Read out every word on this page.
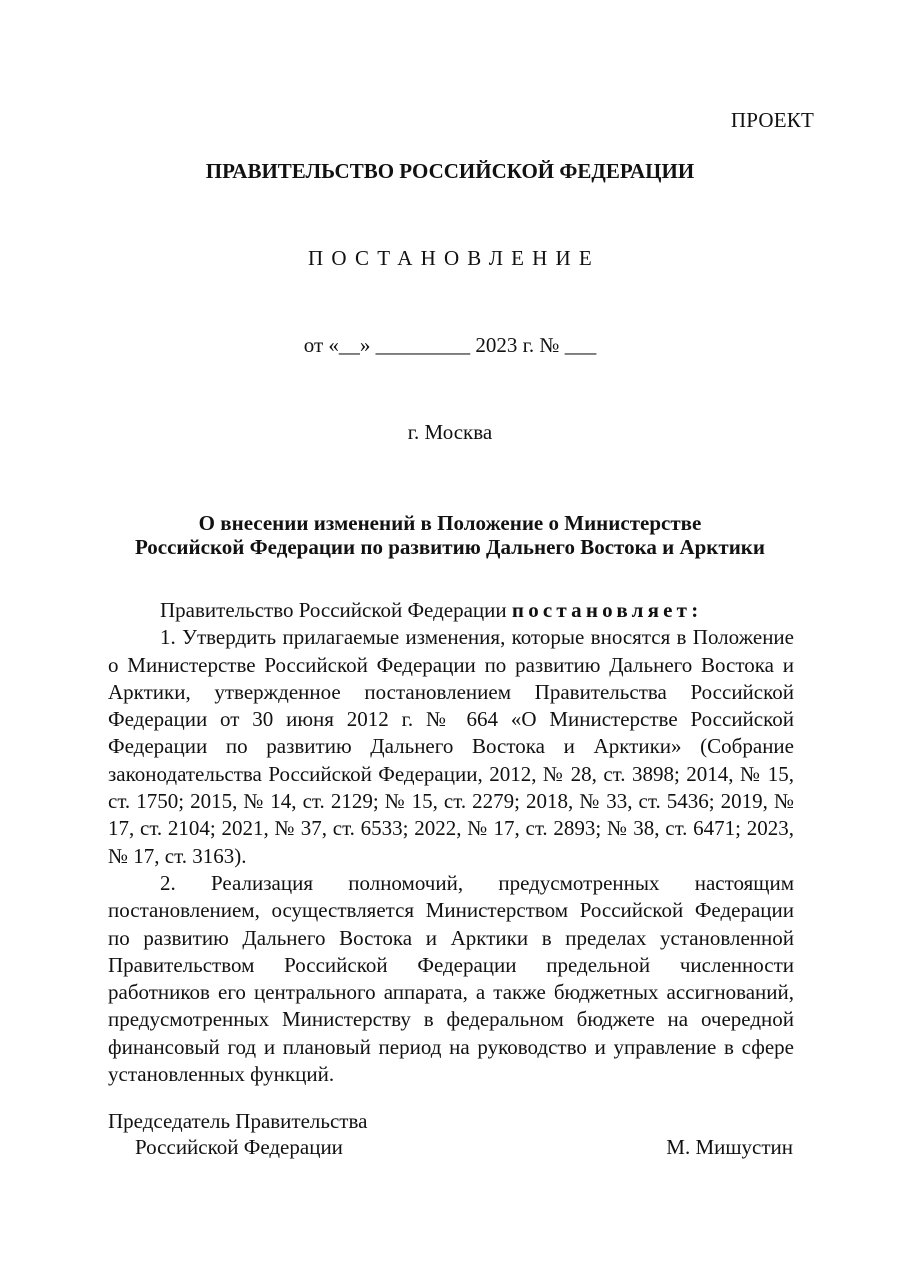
ПРОЕКТ
ПРАВИТЕЛЬСТВО РОССИЙСКОЙ ФЕДЕРАЦИИ
ПОСТАНОВЛЕНИЕ
от «__» _________ 2023 г. № ___
г. Москва
О внесении изменений в Положение о Министерстве
Российской Федерации по развитию Дальнего Востока и Арктики

Правительство Российской Федерации постановляет:

1. Утвердить прилагаемые изменения, которые вносятся в Положение о Министерстве Российской Федерации по развитию Дальнего Востока и Арктики, утвержденное постановлением Правительства Российской Федерации от 30 июня 2012 г. № 664 «О Министерстве Российской Федерации по развитию Дальнего Востока и Арктики» (Собрание законодательства Российской Федерации, 2012, № 28, ст. 3898; 2014, № 15, ст. 1750; 2015, № 14, ст. 2129; № 15, ст. 2279; 2018, № 33, ст. 5436; 2019, № 17, ст. 2104; 2021, № 37, ст. 6533; 2022, № 17, ст. 2893; № 38, ст. 6471; 2023, № 17, ст. 3163).

2. Реализация полномочий, предусмотренных настоящим постановлением, осуществляется Министерством Российской Федерации по развитию Дальнего Востока и Арктики в пределах установленной Правительством Российской Федерации предельной численности работников его центрального аппарата, а также бюджетных ассигнований, предусмотренных Министерству в федеральном бюджете на очередной финансовый год и плановый период на руководство и управление в сфере установленных функций.

Председатель Правительства
Российской Федерации	М. Мишустин
